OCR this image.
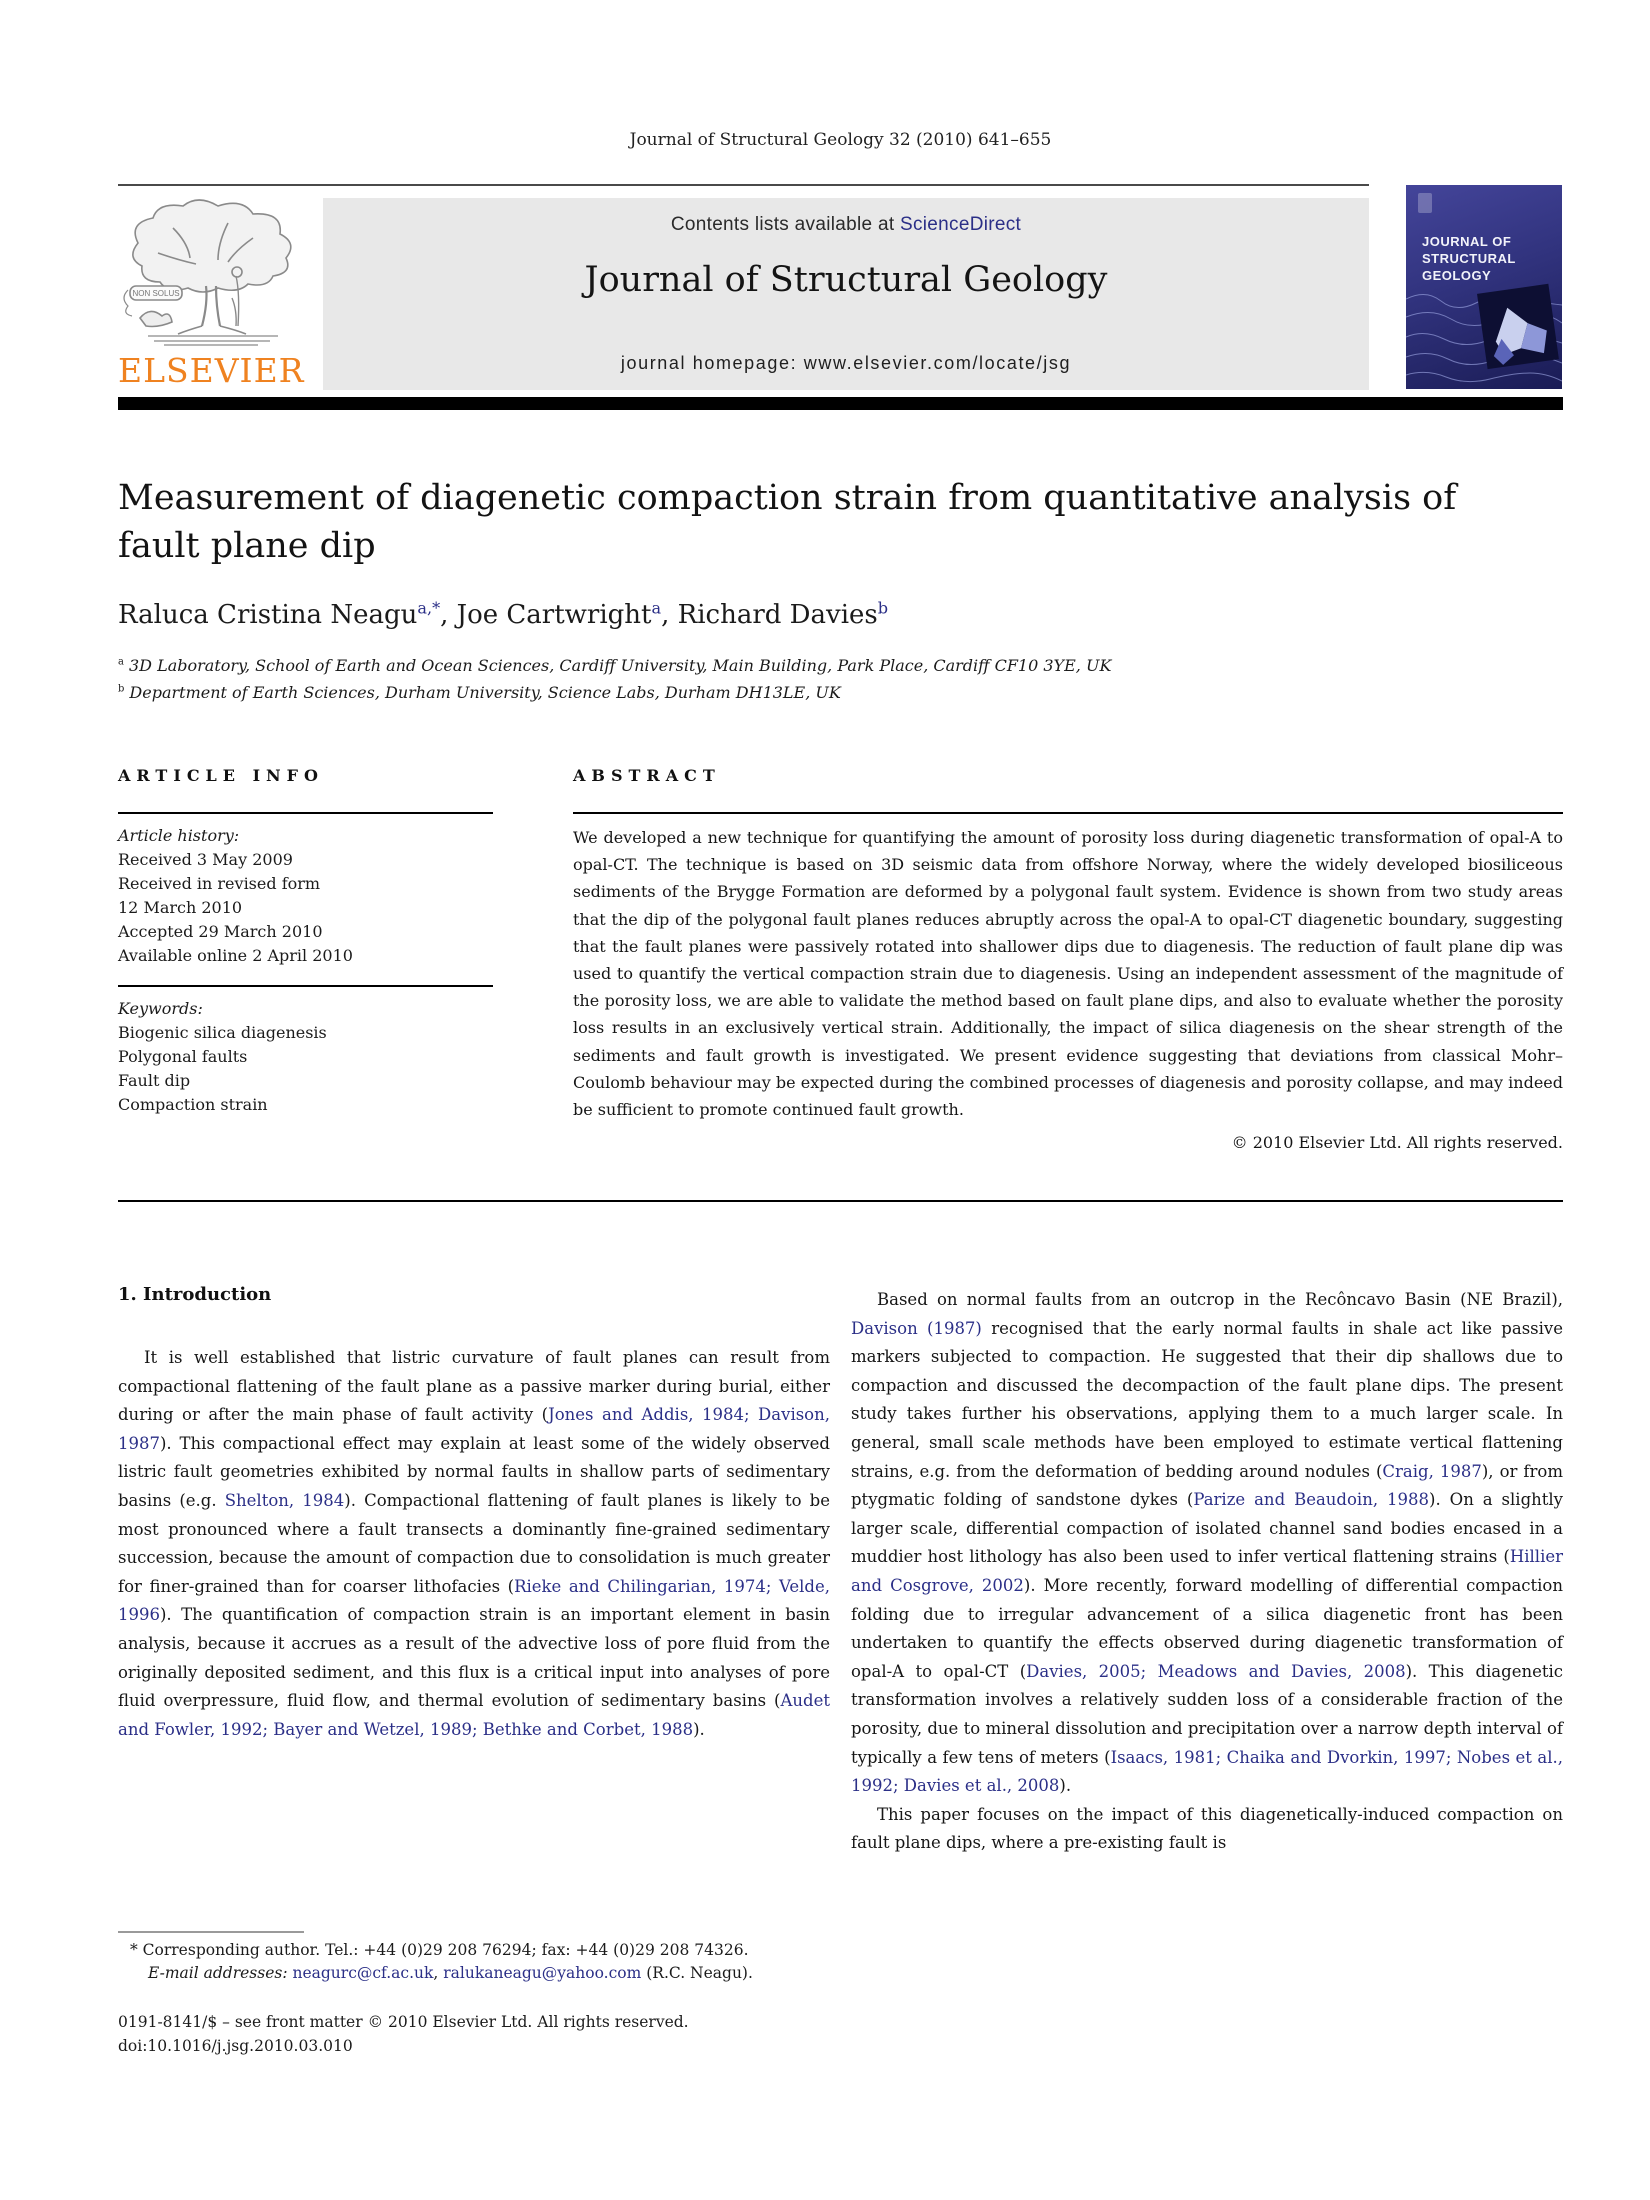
Journal of Structural Geology 32 (2010) 641–655
NON SOLUS
ELSEVIER
Contents lists available at ScienceDirect
Journal of Structural Geology
journal homepage: www.elsevier.com/locate/jsg
JOURNAL OF
STRUCTURAL
GEOLOGY
Measurement of diagenetic compaction strain from quantitative analysis of fault plane dip
Raluca Cristina Neagu$^{a,*}$, Joe Cartwright$^a$, Richard Davies$^b$
$^a$ 3D Laboratory, School of Earth and Ocean Sciences, Cardiff University, Main Building, Park Place, Cardiff CF10 3YE, UK
$^b$ Department of Earth Sciences, Durham University, Science Labs, Durham DH13LE, UK
ARTICLE INFO	ABSTRACT
Article history:
Received 3 May 2009
Received in revised form
12 March 2010
Accepted 29 March 2010
Available online 2 April 2010
Keywords:
Biogenic silica diagenesis
Polygonal faults
Fault dip
Compaction strain
We developed a new technique for quantifying the amount of porosity loss during diagenetic transformation of opal-A to opal-CT. The technique is based on 3D seismic data from offshore Norway, where the widely developed biosiliceous sediments of the Brygge Formation are deformed by a polygonal fault system. Evidence is shown from two study areas that the dip of the polygonal fault planes reduces abruptly across the opal-A to opal-CT diagenetic boundary, suggesting that the fault planes were passively rotated into shallower dips due to diagenesis. The reduction of fault plane dip was used to quantify the vertical compaction strain due to diagenesis. Using an independent assessment of the magnitude of the porosity loss, we are able to validate the method based on fault plane dips, and also to evaluate whether the porosity loss results in an exclusively vertical strain. Additionally, the impact of silica diagenesis on the shear strength of the sediments and fault growth is investigated. We present evidence suggesting that deviations from classical Mohr–Coulomb behaviour may be expected during the combined processes of diagenesis and porosity collapse, and may indeed be sufficient to promote continued fault growth.
© 2010 Elsevier Ltd. All rights reserved.
1. Introduction

It is well established that listric curvature of fault planes can result from compactional flattening of the fault plane as a passive marker during burial, either during or after the main phase of fault activity (Jones and Addis, 1984; Davison, 1987). This compactional effect may explain at least some of the widely observed listric fault geometries exhibited by normal faults in shallow parts of sedimentary basins (e.g. Shelton, 1984). Compactional flattening of fault planes is likely to be most pronounced where a fault transects a dominantly fine-grained sedimentary succession, because the amount of compaction due to consolidation is much greater for finer-grained than for coarser lithofacies (Rieke and Chilingarian, 1974; Velde, 1996). The quantification of compaction strain is an important element in basin analysis, because it accrues as a result of the advective loss of pore fluid from the originally deposited sediment, and this flux is a critical input into analyses of pore fluid overpressure, fluid flow, and thermal evolution of sedimentary basins (Audet and Fowler, 1992; Bayer and Wetzel, 1989; Bethke and Corbet, 1988).

Based on normal faults from an outcrop in the Recôncavo Basin (NE Brazil), Davison (1987) recognised that the early normal faults in shale act like passive markers subjected to compaction. He suggested that their dip shallows due to compaction and discussed the decompaction of the fault plane dips. The present study takes further his observations, applying them to a much larger scale. In general, small scale methods have been employed to estimate vertical flattening strains, e.g. from the deformation of bedding around nodules (Craig, 1987), or from ptygmatic folding of sandstone dykes (Parize and Beaudoin, 1988). On a slightly larger scale, differential compaction of isolated channel sand bodies encased in a muddier host lithology has also been used to infer vertical flattening strains (Hillier and Cosgrove, 2002). More recently, forward modelling of differential compaction folding due to irregular advancement of a silica diagenetic front has been undertaken to quantify the effects observed during diagenetic transformation of opal-A to opal-CT (Davies, 2005; Meadows and Davies, 2008). This diagenetic transformation involves a relatively sudden loss of a considerable fraction of the porosity, due to mineral dissolution and precipitation over a narrow depth interval of typically a few tens of meters (Isaacs, 1981; Chaika and Dvorkin, 1997; Nobes et al., 1992; Davies et al., 2008).

This paper focuses on the impact of this diagenetically-induced compaction on fault plane dips, where a pre-existing fault is

* Corresponding author. Tel.: +44 (0)29 208 76294; fax: +44 (0)29 208 74326.
E-mail addresses: neagurc@cf.ac.uk, ralukaneagu@yahoo.com (R.C. Neagu).
0191-8141/$ – see front matter © 2010 Elsevier Ltd. All rights reserved.
doi:10.1016/j.jsg.2010.03.010
